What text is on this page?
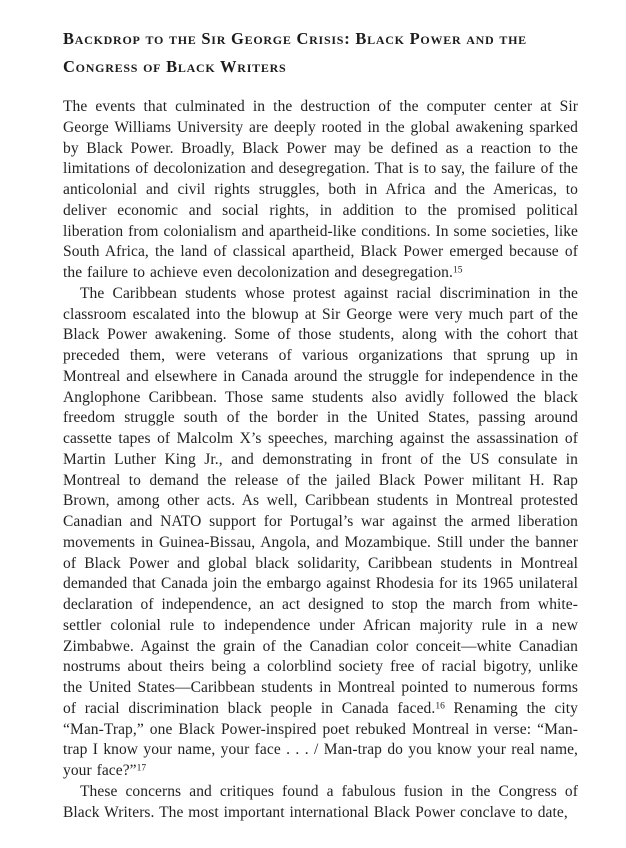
Backdrop to the Sir George Crisis: Black Power and the Congress of Black Writers

The events that culminated in the destruction of the computer center at Sir George Williams University are deeply rooted in the global awakening sparked by Black Power. Broadly, Black Power may be defined as a reaction to the limitations of decolonization and desegregation. That is to say, the failure of the anticolonial and civil rights struggles, both in Africa and the Americas, to deliver economic and social rights, in addition to the promised political liberation from colonialism and apartheid-like conditions. In some societies, like South Africa, the land of classical apartheid, Black Power emerged because of the failure to achieve even decolonization and desegregation.$^{15}$

The Caribbean students whose protest against racial discrimination in the classroom escalated into the blowup at Sir George were very much part of the Black Power awakening. Some of those students, along with the cohort that preceded them, were veterans of various organizations that sprung up in Montreal and elsewhere in Canada around the struggle for independence in the Anglophone Caribbean. Those same students also avidly followed the black freedom struggle south of the border in the United States, passing around cassette tapes of Malcolm X’s speeches, marching against the assassination of Martin Luther King Jr., and demonstrating in front of the US consulate in Montreal to demand the release of the jailed Black Power militant H. Rap Brown, among other acts. As well, Caribbean students in Montreal protested Canadian and NATO support for Portugal’s war against the armed liberation movements in Guinea-Bissau, Angola, and Mozambique. Still under the banner of Black Power and global black solidarity, Caribbean students in Montreal demanded that Canada join the embargo against Rhodesia for its 1965 unilateral declaration of independence, an act designed to stop the march from white-settler colonial rule to independence under African majority rule in a new Zimbabwe. Against the grain of the Canadian color conceit—white Canadian nostrums about theirs being a colorblind society free of racial bigotry, unlike the United States—Caribbean students in Montreal pointed to numerous forms of racial discrimination black people in Canada faced.$^{16}$ Renaming the city “Man-Trap,” one Black Power-inspired poet rebuked Montreal in verse: “Man-trap I know your name, your face . . . / Man-trap do you know your real name, your face?”$^{17}$

These concerns and critiques found a fabulous fusion in the Congress of Black Writers. The most important international Black Power conclave to date,
